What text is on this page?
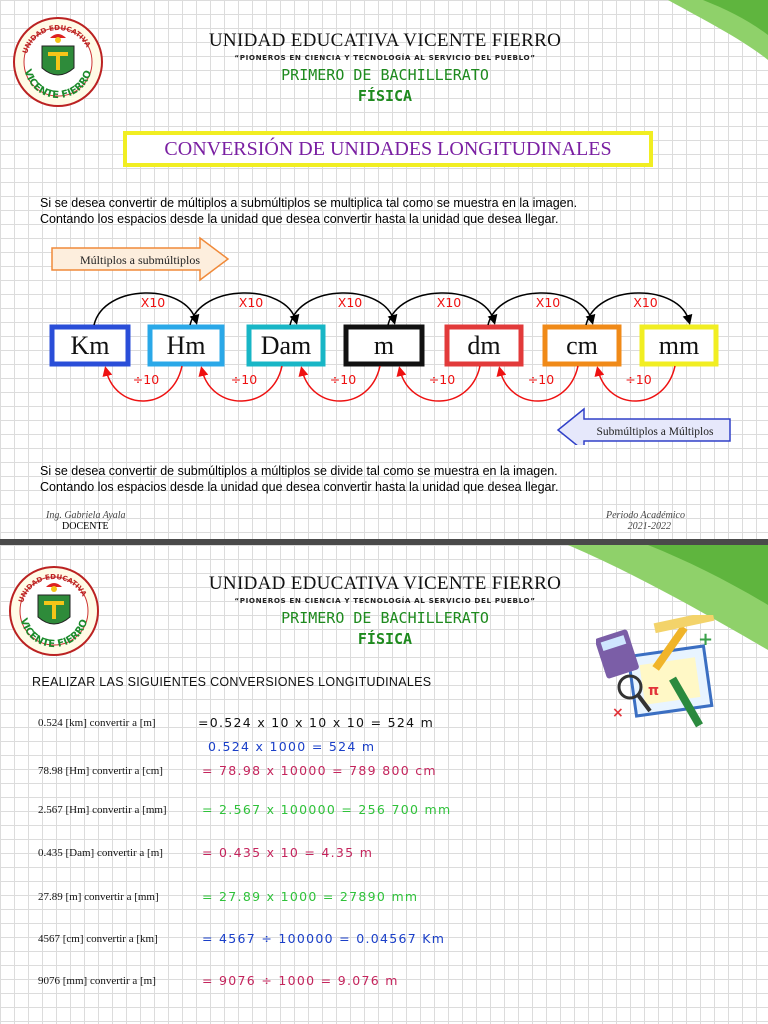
UNIDAD EDUCATIVA
VICENTE FIERRO
UNIDAD EDUCATIVA VICENTE FIERRO
“PIONEROS EN CIENCIA Y TECNOLOGÍA AL SERVICIO DEL PUEBLO”
PRIMERO DE BACHILLERATO
FÍSICA
CONVERSIÓN DE UNIDADES LONGITUDINALES
Si se desea convertir de múltiplos a submúltiplos se multiplica tal como se muestra en la imagen.
Contando los espacios desde la unidad que desea convertir hasta la unidad que desea llegar.
Múltiplos a submúltiplos
Submúltiplos a Múltiplos
Km Hm Dam m	dm	cm mm
X10
÷10
X10
÷10
X10
÷10
X10
÷10
X10
÷10
X10
÷10
Si se desea convertir de submúltiplos a múltiplos se divide tal como se muestra en la imagen.
Contando los espacios desde la unidad que desea convertir hasta la unidad que desea llegar.
Ing. Gabriela Ayala
DOCENTE
Periodo Académico
2021-2022
UNIDAD EDUCATIVA
VICENTE FIERRO
UNIDAD EDUCATIVA VICENTE FIERRO
“PIONEROS EN CIENCIA Y TECNOLOGÍA AL SERVICIO DEL PUEBLO”
PRIMERO DE BACHILLERATO
FÍSICA	+
π
×
REALIZAR LAS SIGUIENTES CONVERSIONES LONGITUDINALES
0.524 [km] convertir a [m]	=0.524 x 10 x 10 x 10 = 524 m
0.524 x 1000 = 524 m
78.98 [Hm] convertir a [cm]	= 78.98 x 10000 = 789 800 cm
2.567 [Hm] convertir a [mm]	= 2.567 x 100000 = 256 700 mm
0.435 [Dam] convertir a [m]	= 0.435 x 10 = 4.35 m
27.89 [m] convertir a [mm]	= 27.89 x 1000 = 27890 mm
4567 [cm] convertir a [km]	= 4567 ÷ 100000 = 0.04567 Km
9076 [mm] convertir a [m]	= 9076 ÷ 1000 = 9.076 m
